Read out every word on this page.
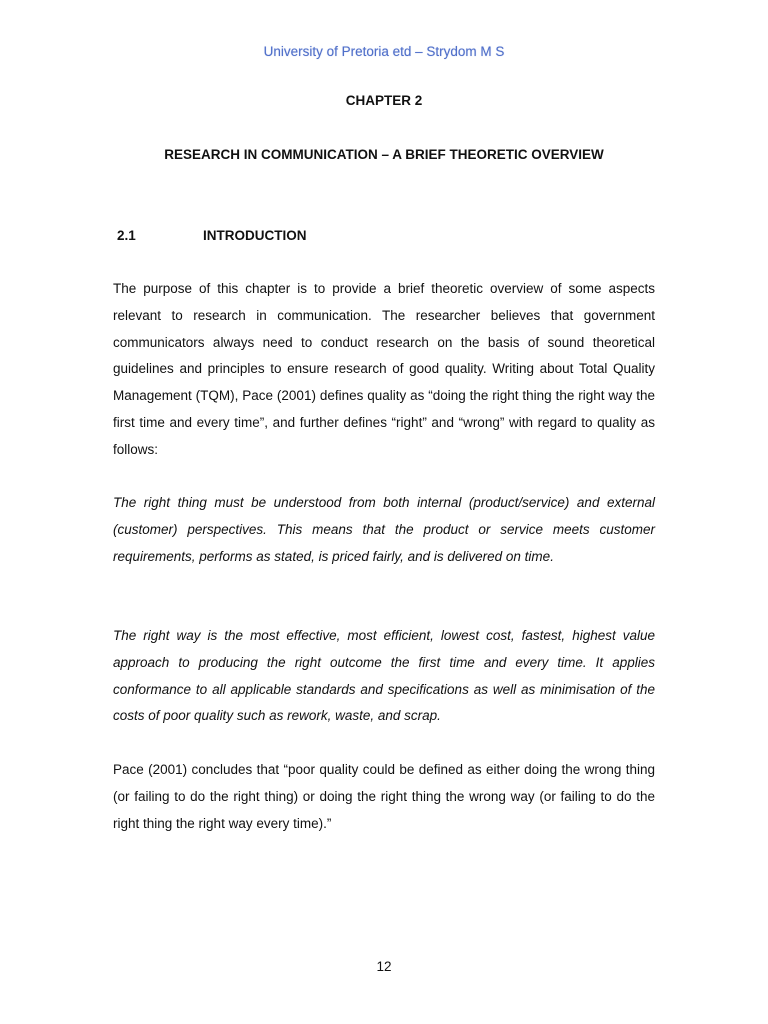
University of Pretoria etd – Strydom M S
CHAPTER 2
RESEARCH IN COMMUNICATION – A BRIEF THEORETIC OVERVIEW
2.1	INTRODUCTION

The purpose of this chapter is to provide a brief theoretic overview of some aspects relevant to research in communication. The researcher believes that government communicators always need to conduct research on the basis of sound theoretical guidelines and principles to ensure research of good quality. Writing about Total Quality Management (TQM), Pace (2001) defines quality as “doing the right thing the right way the first time and every time”, and further defines “right” and “wrong” with regard to quality as follows:

The right thing must be understood from both internal (product/service) and external (customer) perspectives. This means that the product or service meets customer requirements, performs as stated, is priced fairly, and is delivered on time.

The right way is the most effective, most efficient, lowest cost, fastest, highest value approach to producing the right outcome the first time and every time. It applies conformance to all applicable standards and specifications as well as minimisation of the costs of poor quality such as rework, waste, and scrap.

Pace (2001) concludes that “poor quality could be defined as either doing the wrong thing (or failing to do the right thing) or doing the right thing the wrong way (or failing to do the right thing the right way every time).”

12
